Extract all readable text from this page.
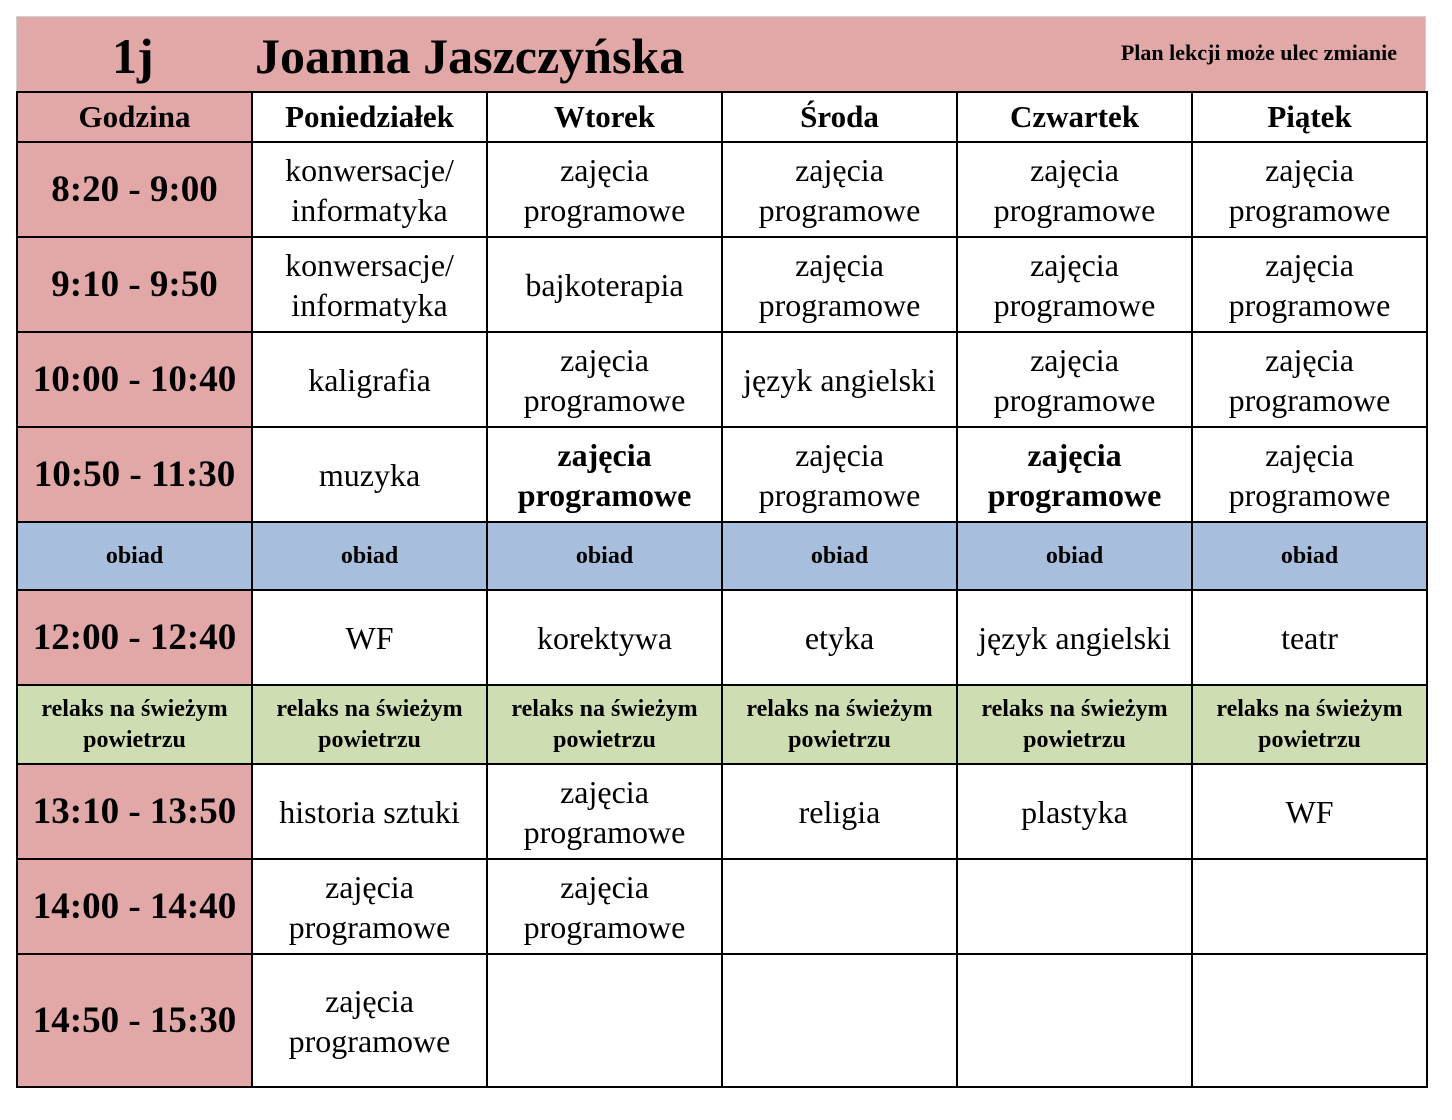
1j Joanna Jaszczyńska	Plan lekcji może ulec zmianie
Godzina	Poniedziałek	Wtorek	Środa	Czwartek	Piątek
8:20 - 9:00	konwersacje/ informatyka	zajęcia programowe	zajęcia programowe	zajęcia programowe	zajęcia programowe
9:10 - 9:50	konwersacje/ informatyka	bajkoterapia	zajęcia programowe	zajęcia programowe	zajęcia programowe
10:00 - 10:40	kaligrafia	zajęcia programowe	język angielski	zajęcia programowe	zajęcia programowe
10:50 - 11:30	muzyka	zajęcia programowe	zajęcia programowe	zajęcia programowe	zajęcia programowe
obiad	obiad	obiad	obiad	obiad	obiad
12:00 - 12:40	WF	korektywa	etyka	język angielski	teatr
relaks na świeżym powietrzu	relaks na świeżym powietrzu	relaks na świeżym powietrzu	relaks na świeżym powietrzu	relaks na świeżym powietrzu	relaks na świeżym powietrzu
13:10 - 13:50	historia sztuki	zajęcia programowe	religia	plastyka	WF
14:00 - 14:40	zajęcia programowe	zajęcia programowe			
14:50 - 15:30	zajęcia programowe				
